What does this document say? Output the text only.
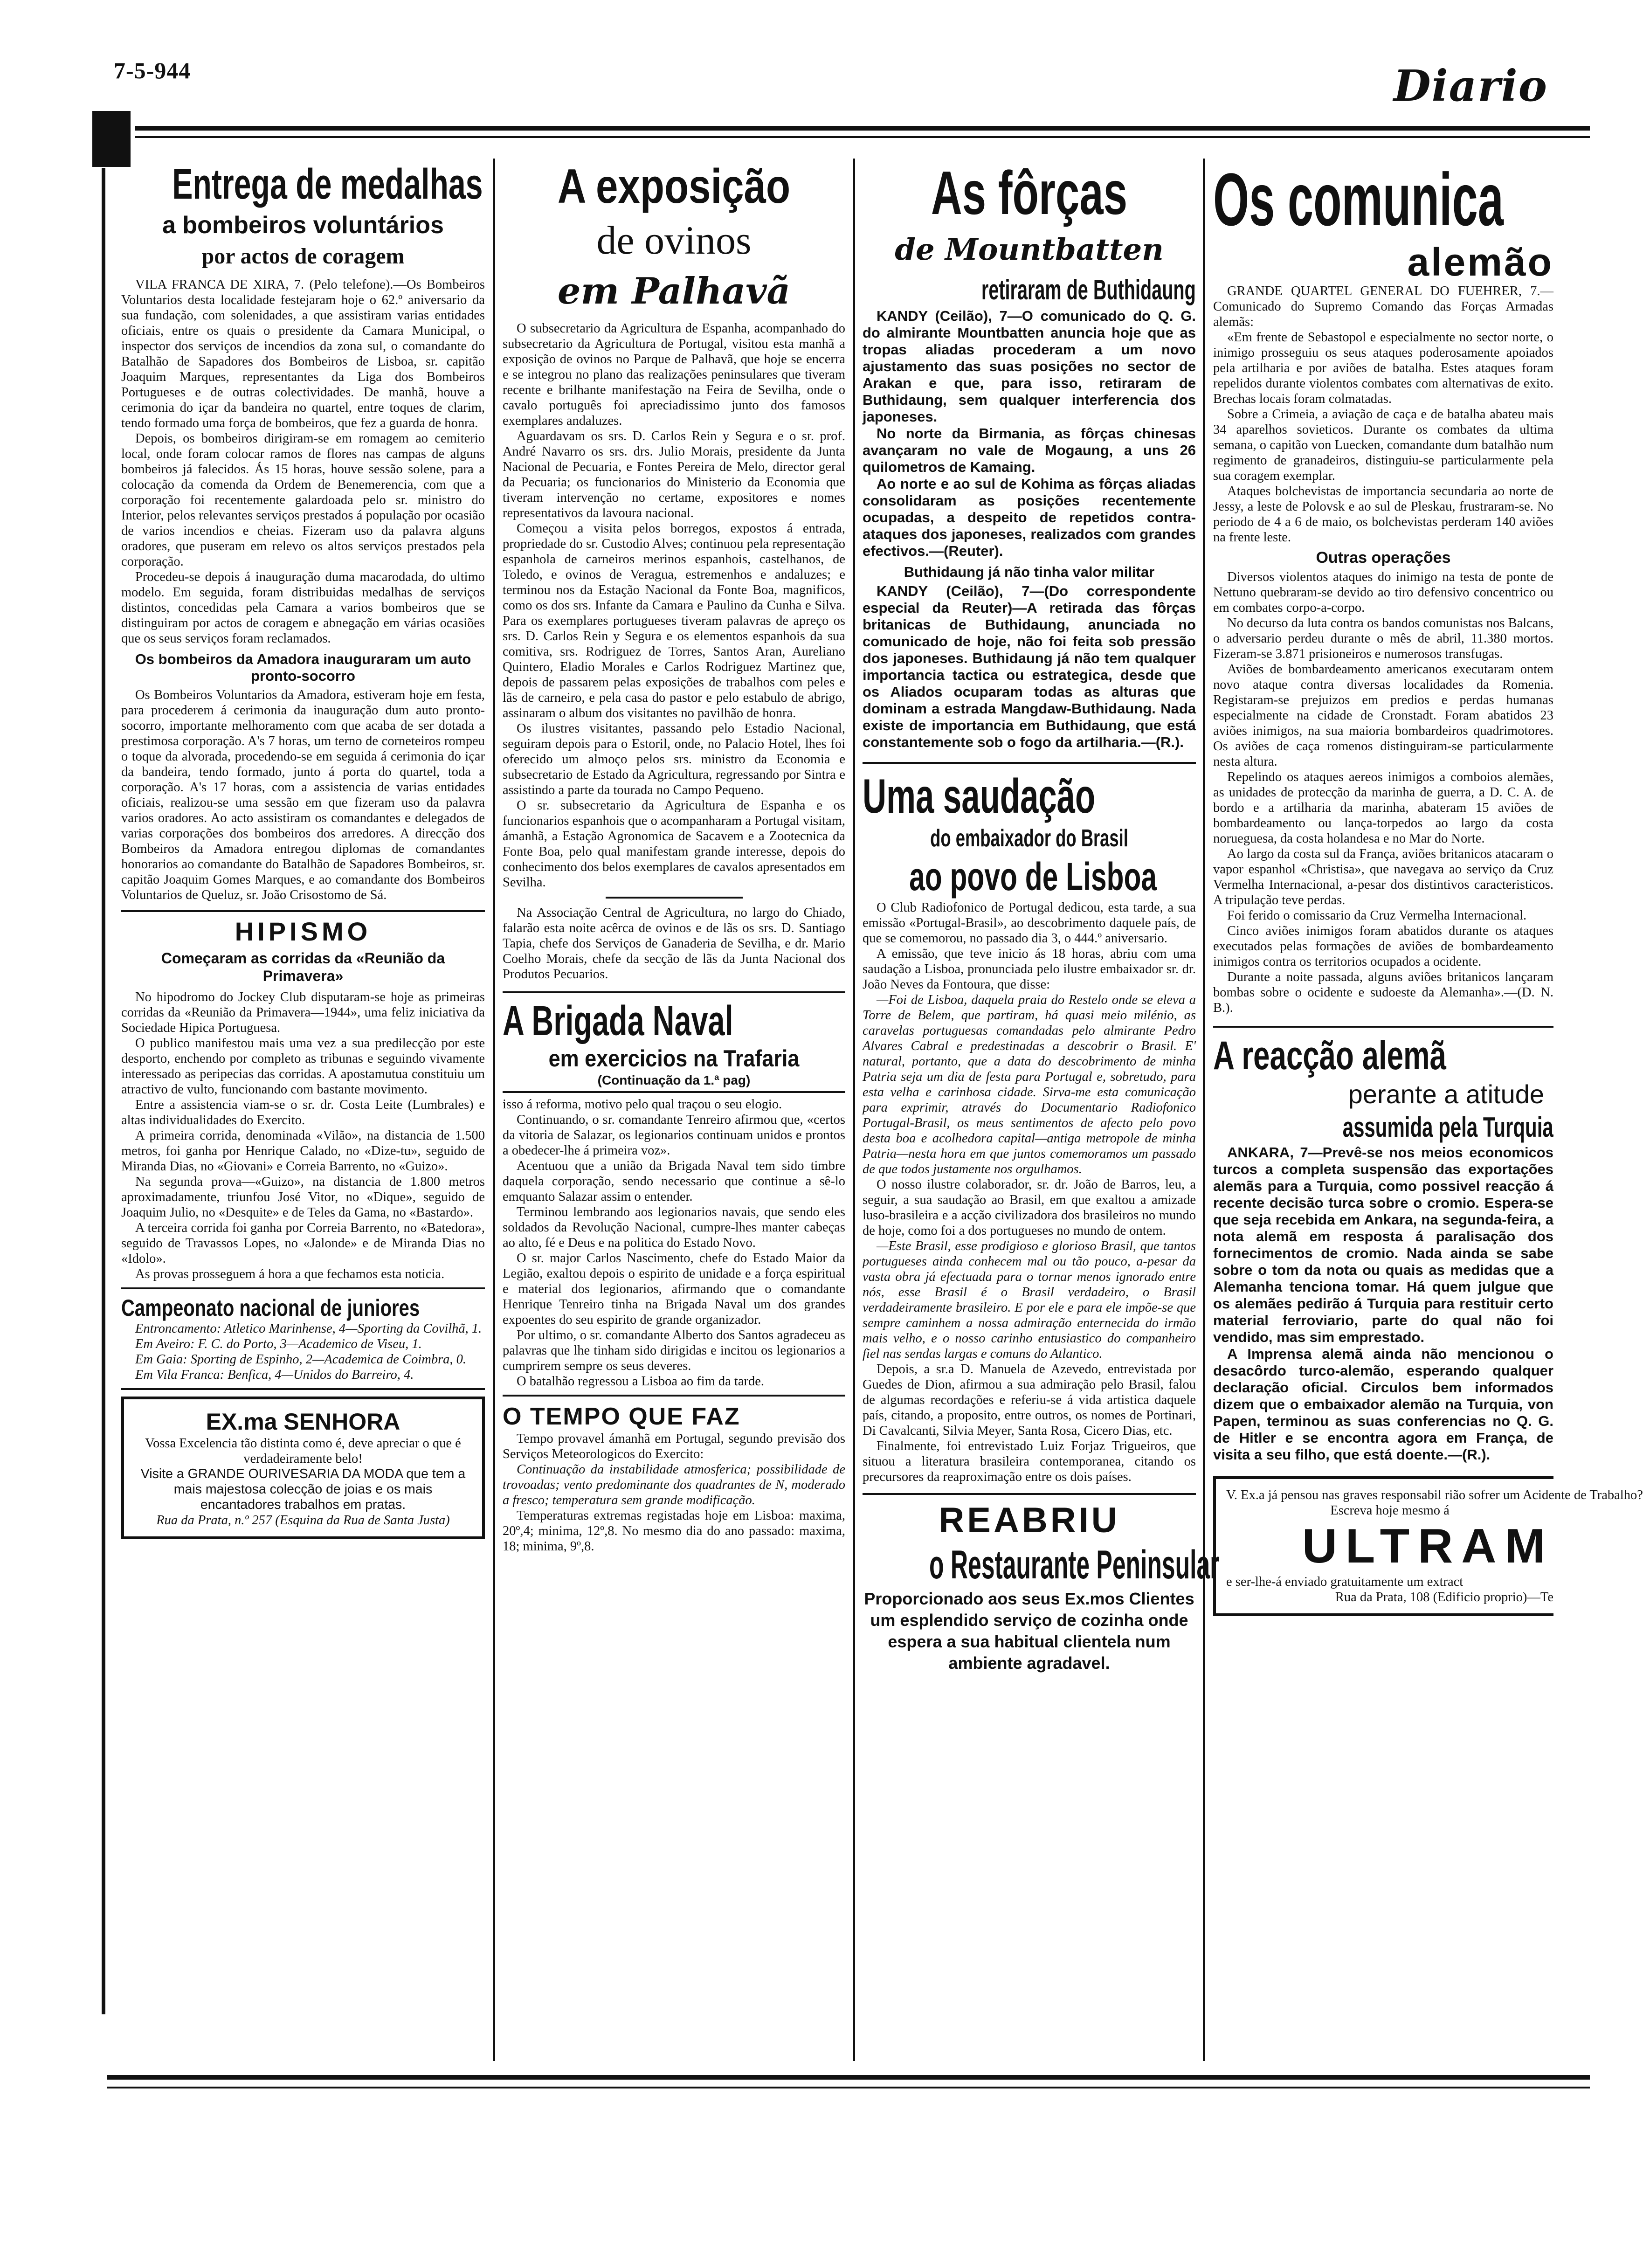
7-5-944	Diario
Entrega de medalhas
a bombeiros voluntários
por actos de coragem

VILA FRANCA DE XIRA, 7. (Pelo telefone).—Os Bombeiros Voluntarios desta localidade festejaram hoje o 62.º aniversario da sua fundação, com solenidades, a que assistiram varias entidades oficiais, entre os quais o presidente da Camara Municipal, o inspector dos serviços de incendios da zona sul, o comandante do Batalhão de Sapadores dos Bombeiros de Lisboa, sr. capitão Joaquim Marques, representantes da Liga dos Bombeiros Portugueses e de outras colectividades. De manhã, houve a cerimonia do içar da bandeira no quartel, entre toques de clarim, tendo formado uma força de bombeiros, que fez a guarda de honra.

Depois, os bombeiros dirigiram-se em romagem ao cemiterio local, onde foram colocar ramos de flores nas campas de alguns bombeiros já falecidos. Ás 15 horas, houve sessão solene, para a colocação da comenda da Ordem de Benemerencia, com que a corporação foi recentemente galardoada pelo sr. ministro do Interior, pelos relevantes serviços prestados á população por ocasião de varios incendios e cheias. Fizeram uso da palavra alguns oradores, que puseram em relevo os altos serviços prestados pela corporação.

Procedeu-se depois á inauguração duma macarodada, do ultimo modelo. Em seguida, foram distribuidas medalhas de serviços distintos, concedidas pela Camara a varios bombeiros que se distinguiram por actos de coragem e abnegação em várias ocasiões que os seus serviços foram reclamados.

Os bombeiros da Amadora inauguraram um auto pronto-socorro

Os Bombeiros Voluntarios da Amadora, estiveram hoje em festa, para procederem á cerimonia da inauguração dum auto pronto-socorro, importante melhoramento com que acaba de ser dotada a prestimosa corporação. A's 7 horas, um terno de corneteiros rompeu o toque da alvorada, procedendo-se em seguida á cerimonia do içar da bandeira, tendo formado, junto á porta do quartel, toda a corporação. A's 17 horas, com a assistencia de varias entidades oficiais, realizou-se uma sessão em que fizeram uso da palavra varios oradores. Ao acto assistiram os comandantes e delegados de varias corporações dos bombeiros dos arredores. A direcção dos Bombeiros da Amadora entregou diplomas de comandantes honorarios ao comandante do Batalhão de Sapadores Bombeiros, sr. capitão Joaquim Gomes Marques, e ao comandante dos Bombeiros Voluntarios de Queluz, sr. João Crisostomo de Sá.

HIPISMO
Começaram as corridas da «Reunião da Primavera»

No hipodromo do Jockey Club disputaram-se hoje as primeiras corridas da «Reunião da Primavera—1944», uma feliz iniciativa da Sociedade Hipica Portuguesa.

O publico manifestou mais uma vez a sua predilecção por este desporto, enchendo por completo as tribunas e seguindo vivamente interessado as peripecias das corridas. A apostamutua constituiu um atractivo de vulto, funcionando com bastante movimento.

Entre a assistencia viam-se o sr. dr. Costa Leite (Lumbrales) e altas individualidades do Exercito.

A primeira corrida, denominada «Vilão», na distancia de 1.500 metros, foi ganha por Henrique Calado, no «Dize-tu», seguido de Miranda Dias, no «Giovani» e Correia Barrento, no «Guizo».

Na segunda prova—«Guizo», na distancia de 1.800 metros aproximadamente, triunfou José Vitor, no «Dique», seguido de Joaquim Julio, no «Desquite» e de Teles da Gama, no «Bastardo».

A terceira corrida foi ganha por Correia Barrento, no «Batedora», seguido de Travassos Lopes, no «Jalonde» e de Miranda Dias no «Idolo».

As provas prosseguem á hora a que fechamos esta noticia.

Campeonato nacional de juniores

Entroncamento: Atletico Marinhense, 4—Sporting da Covilhã, 1.

Em Aveiro: F. C. do Porto, 3—Academico de Viseu, 1.

Em Gaia: Sporting de Espinho, 2—Academica de Coimbra, 0.

Em Vila Franca: Benfica, 4—Unidos do Barreiro, 4.

EX.ma SENHORA

Vossa Excelencia tão distinta como é, deve apreciar o que é verdadeiramente belo!

Visite a GRANDE OURIVESARIA DA MODA que tem a mais majestosa colecção de joias e os mais encantadores trabalhos em pratas.

Rua da Prata, n.º 257 (Esquina da Rua de Santa Justa)

A exposição
de ovinos
em Palhavã

O subsecretario da Agricultura de Espanha, acompanhado do subsecretario da Agricultura de Portugal, visitou esta manhã a exposição de ovinos no Parque de Palhavã, que hoje se encerra e se integrou no plano das realizações peninsulares que tiveram recente e brilhante manifestação na Feira de Sevilha, onde o cavalo português foi apreciadissimo junto dos famosos exemplares andaluzes.

Aguardavam os srs. D. Carlos Rein y Segura e o sr. prof. André Navarro os srs. drs. Julio Morais, presidente da Junta Nacional de Pecuaria, e Fontes Pereira de Melo, director geral da Pecuaria; os funcionarios do Ministerio da Economia que tiveram intervenção no certame, expositores e nomes representativos da lavoura nacional.

Começou a visita pelos borregos, expostos á entrada, propriedade do sr. Custodio Alves; continuou pela representação espanhola de carneiros merinos espanhois, castelhanos, de Toledo, e ovinos de Veragua, estremenhos e andaluzes; e terminou nos da Estação Nacional da Fonte Boa, magnificos, como os dos srs. Infante da Camara e Paulino da Cunha e Silva. Para os exemplares portugueses tiveram palavras de apreço os srs. D. Carlos Rein y Segura e os elementos espanhois da sua comitiva, srs. Rodriguez de Torres, Santos Aran, Aureliano Quintero, Eladio Morales e Carlos Rodriguez Martinez que, depois de passarem pelas exposições de trabalhos com peles e lãs de carneiro, e pela casa do pastor e pelo estabulo de abrigo, assinaram o album dos visitantes no pavilhão de honra.

Os ilustres visitantes, passando pelo Estadio Nacional, seguiram depois para o Estoril, onde, no Palacio Hotel, lhes foi oferecido um almoço pelos srs. ministro da Economia e subsecretario de Estado da Agricultura, regressando por Sintra e assistindo a parte da tourada no Campo Pequeno.

O sr. subsecretario da Agricultura de Espanha e os funcionarios espanhois que o acompanharam a Portugal visitam, ámanhã, a Estação Agronomica de Sacavem e a Zootecnica da Fonte Boa, pelo qual manifestam grande interesse, depois do conhecimento dos belos exemplares de cavalos apresentados em Sevilha.

Na Associação Central de Agricultura, no largo do Chiado, falarão esta noite acêrca de ovinos e de lãs os srs. D. Santiago Tapia, chefe dos Serviços de Ganaderia de Sevilha, e dr. Mario Coelho Morais, chefe da secção de lãs da Junta Nacional dos Produtos Pecuarios.

A Brigada Naval
em exercicios na Trafaria
(Continuação da 1.ª pag)

isso á reforma, motivo pelo qual traçou o seu elogio.

Continuando, o sr. comandante Tenreiro afirmou que, «certos da vitoria de Salazar, os legionarios continuam unidos e prontos a obedecer-lhe á primeira voz».

Acentuou que a união da Brigada Naval tem sido timbre daquela corporação, sendo necessario que continue a sê-lo emquanto Salazar assim o entender.

Terminou lembrando aos legionarios navais, que sendo eles soldados da Revolução Nacional, cumpre-lhes manter cabeças ao alto, fé e Deus e na politica do Estado Novo.

O sr. major Carlos Nascimento, chefe do Estado Maior da Legião, exaltou depois o espirito de unidade e a força espiritual e material dos legionarios, afirmando que o comandante Henrique Tenreiro tinha na Brigada Naval um dos grandes expoentes do seu espirito de grande organizador.

Por ultimo, o sr. comandante Alberto dos Santos agradeceu as palavras que lhe tinham sido dirigidas e incitou os legionarios a cumprirem sempre os seus deveres.

O batalhão regressou a Lisboa ao fim da tarde.

O TEMPO QUE FAZ

Tempo provavel ámanhã em Portugal, segundo previsão dos Serviços Meteorologicos do Exercito:

Continuação da instabilidade atmosferica; possibilidade de trovoadas; vento predominante dos quadrantes de N, moderado a fresco; temperatura sem grande modificação.

Temperaturas extremas registadas hoje em Lisboa: maxima, 20º,4; minima, 12º,8. No mesmo dia do ano passado: maxima, 18; minima, 9º,8.

As fôrças
de Mountbatten
retiraram de Buthidaung

KANDY (Ceilão), 7—O comunicado do Q. G. do almirante Mountbatten anuncia hoje que as tropas aliadas procederam a um novo ajustamento das suas posições no sector de Arakan e que, para isso, retiraram de Buthidaung, sem qualquer interferencia dos japoneses.

No norte da Birmania, as fôrças chinesas avançaram no vale de Mogaung, a uns 26 quilometros de Kamaing.

Ao norte e ao sul de Kohima as fôrças aliadas consolidaram as posições recentemente ocupadas, a despeito de repetidos contra-ataques dos japoneses, realizados com grandes efectivos.—(Reuter).

Buthidaung já não tinha valor militar

KANDY (Ceilão), 7—(Do correspondente especial da Reuter)—A retirada das fôrças britanicas de Buthidaung, anunciada no comunicado de hoje, não foi feita sob pressão dos japoneses. Buthidaung já não tem qualquer importancia tactica ou estrategica, desde que os Aliados ocuparam todas as alturas que dominam a estrada Mangdaw-Buthidaung. Nada existe de importancia em Buthidaung, que está constantemente sob o fogo da artilharia.—(R.).

Uma saudação
do embaixador do Brasil
ao povo de Lisboa

O Club Radiofonico de Portugal dedicou, esta tarde, a sua emissão «Portugal-Brasil», ao descobrimento daquele país, de que se comemorou, no passado dia 3, o 444.º aniversario.

A emissão, que teve inicio ás 18 horas, abriu com uma saudação a Lisboa, pronunciada pelo ilustre embaixador sr. dr. João Neves da Fontoura, que disse:

—Foi de Lisboa, daquela praia do Restelo onde se eleva a Torre de Belem, que partiram, há quasi meio milénio, as caravelas portuguesas comandadas pelo almirante Pedro Alvares Cabral e predestinadas a descobrir o Brasil. E' natural, portanto, que a data do descobrimento de minha Patria seja um dia de festa para Portugal e, sobretudo, para esta velha e carinhosa cidade. Sirva-me esta comunicação para exprimir, através do Documentario Radiofonico Portugal-Brasil, os meus sentimentos de afecto pelo povo desta boa e acolhedora capital—antiga metropole de minha Patria—nesta hora em que juntos comemoramos um passado de que todos justamente nos orgulhamos.

O nosso ilustre colaborador, sr. dr. João de Barros, leu, a seguir, a sua saudação ao Brasil, em que exaltou a amizade luso-brasileira e a acção civilizadora dos brasileiros no mundo de hoje, como foi a dos portugueses no mundo de ontem.

—Este Brasil, esse prodigioso e glorioso Brasil, que tantos portugueses ainda conhecem mal ou tão pouco, a-pesar da vasta obra já efectuada para o tornar menos ignorado entre nós, esse Brasil é o Brasil verdadeiro, o Brasil verdadeiramente brasileiro. E por ele e para ele impõe-se que sempre caminhem a nossa admiração enternecida do irmão mais velho, e o nosso carinho entusiastico do companheiro fiel nas sendas largas e comuns do Atlantico.

Depois, a sr.a D. Manuela de Azevedo, entrevistada por Guedes de Dion, afirmou a sua admiração pelo Brasil, falou de algumas recordações e referiu-se á vida artistica daquele país, citando, a proposito, entre outros, os nomes de Portinari, Di Cavalcanti, Silvia Meyer, Santa Rosa, Cicero Dias, etc.

Finalmente, foi entrevistado Luiz Forjaz Trigueiros, que situou a literatura brasileira contemporanea, citando os precursores da reaproximação entre os dois países.

REABRIU
o Restaurante Peninsular
Proporcionado aos seus Ex.mos Clientes um esplendido serviço de cozinha onde espera a sua habitual clientela num ambiente agradavel.
Os comunica
alemão

GRANDE QUARTEL GENERAL DO FUEHRER, 7.—Comunicado do Supremo Comando das Forças Armadas alemãs:

«Em frente de Sebastopol e especialmente no sector norte, o inimigo prosseguiu os seus ataques poderosamente apoiados pela artilharia e por aviões de batalha. Estes ataques foram repelidos durante violentos combates com alternativas de exito. Brechas locais foram colmatadas.

Sobre a Crimeia, a aviação de caça e de batalha abateu mais 34 aparelhos sovieticos. Durante os combates da ultima semana, o capitão von Luecken, comandante dum batalhão num regimento de granadeiros, distinguiu-se particularmente pela sua coragem exemplar.

Ataques bolchevistas de importancia secundaria ao norte de Jessy, a leste de Polovsk e ao sul de Pleskau, frustraram-se. No periodo de 4 a 6 de maio, os bolchevistas perderam 140 aviões na frente leste.

Outras operações

Diversos violentos ataques do inimigo na testa de ponte de Nettuno quebraram-se devido ao tiro defensivo concentrico ou em combates corpo-a-corpo.

No decurso da luta contra os bandos comunistas nos Balcans, o adversario perdeu durante o mês de abril, 11.380 mortos. Fizeram-se 3.871 prisioneiros e numerosos transfugas.

Aviões de bombardeamento americanos executaram ontem novo ataque contra diversas localidades da Romenia. Registaram-se prejuizos em predios e perdas humanas especialmente na cidade de Cronstadt. Foram abatidos 23 aviões inimigos, na sua maioria bombardeiros quadrimotores. Os aviões de caça romenos distinguiram-se particularmente nesta altura.

Repelindo os ataques aereos inimigos a comboios alemães, as unidades de protecção da marinha de guerra, a D. C. A. de bordo e a artilharia da marinha, abateram 15 aviões de bombardeamento ou lança-torpedos ao largo da costa norueguesa, da costa holandesa e no Mar do Norte.

Ao largo da costa sul da França, aviões britanicos atacaram o vapor espanhol «Christisa», que navegava ao serviço da Cruz Vermelha Internacional, a-pesar dos distintivos caracteristicos. A tripulação teve perdas.

Foi ferido o comissario da Cruz Vermelha Internacional.

Cinco aviões inimigos foram abatidos durante os ataques executados pelas formações de aviões de bombardeamento inimigos contra os territorios ocupados a ocidente.

Durante a noite passada, alguns aviões britanicos lançaram bombas sobre o ocidente e sudoeste da Alemanha».—(D. N. B.).

A reacção alemã
perante a atitude
assumida pela Turquia

ANKARA, 7—Prevê-se nos meios economicos turcos a completa suspensão das exportações alemãs para a Turquia, como possivel reacção á recente decisão turca sobre o cromio. Espera-se que seja recebida em Ankara, na segunda-feira, a nota alemã em resposta á paralisação dos fornecimentos de cromio. Nada ainda se sabe sobre o tom da nota ou quais as medidas que a Alemanha tenciona tomar. Há quem julgue que os alemães pedirão á Turquia para restituir certo material ferroviario, parte do qual não foi vendido, mas sim emprestado.

A Imprensa alemã ainda não mencionou o desacôrdo turco-alemão, esperando qualquer declaração oficial. Circulos bem informados dizem que o embaixador alemão na Turquia, von Papen, terminou as suas conferencias no Q. G. de Hitler e se encontra agora em França, de visita a seu filho, que está doente.—(R.).

V. Ex.a já pensou nas graves responsabil rião sofrer um Acidente de Trabalho?

Escreva hoje mesmo á

ULTRAM

e ser-lhe-á enviado gratuitamente um extract

Rua da Prata, 108 (Edificio proprio)—Te
